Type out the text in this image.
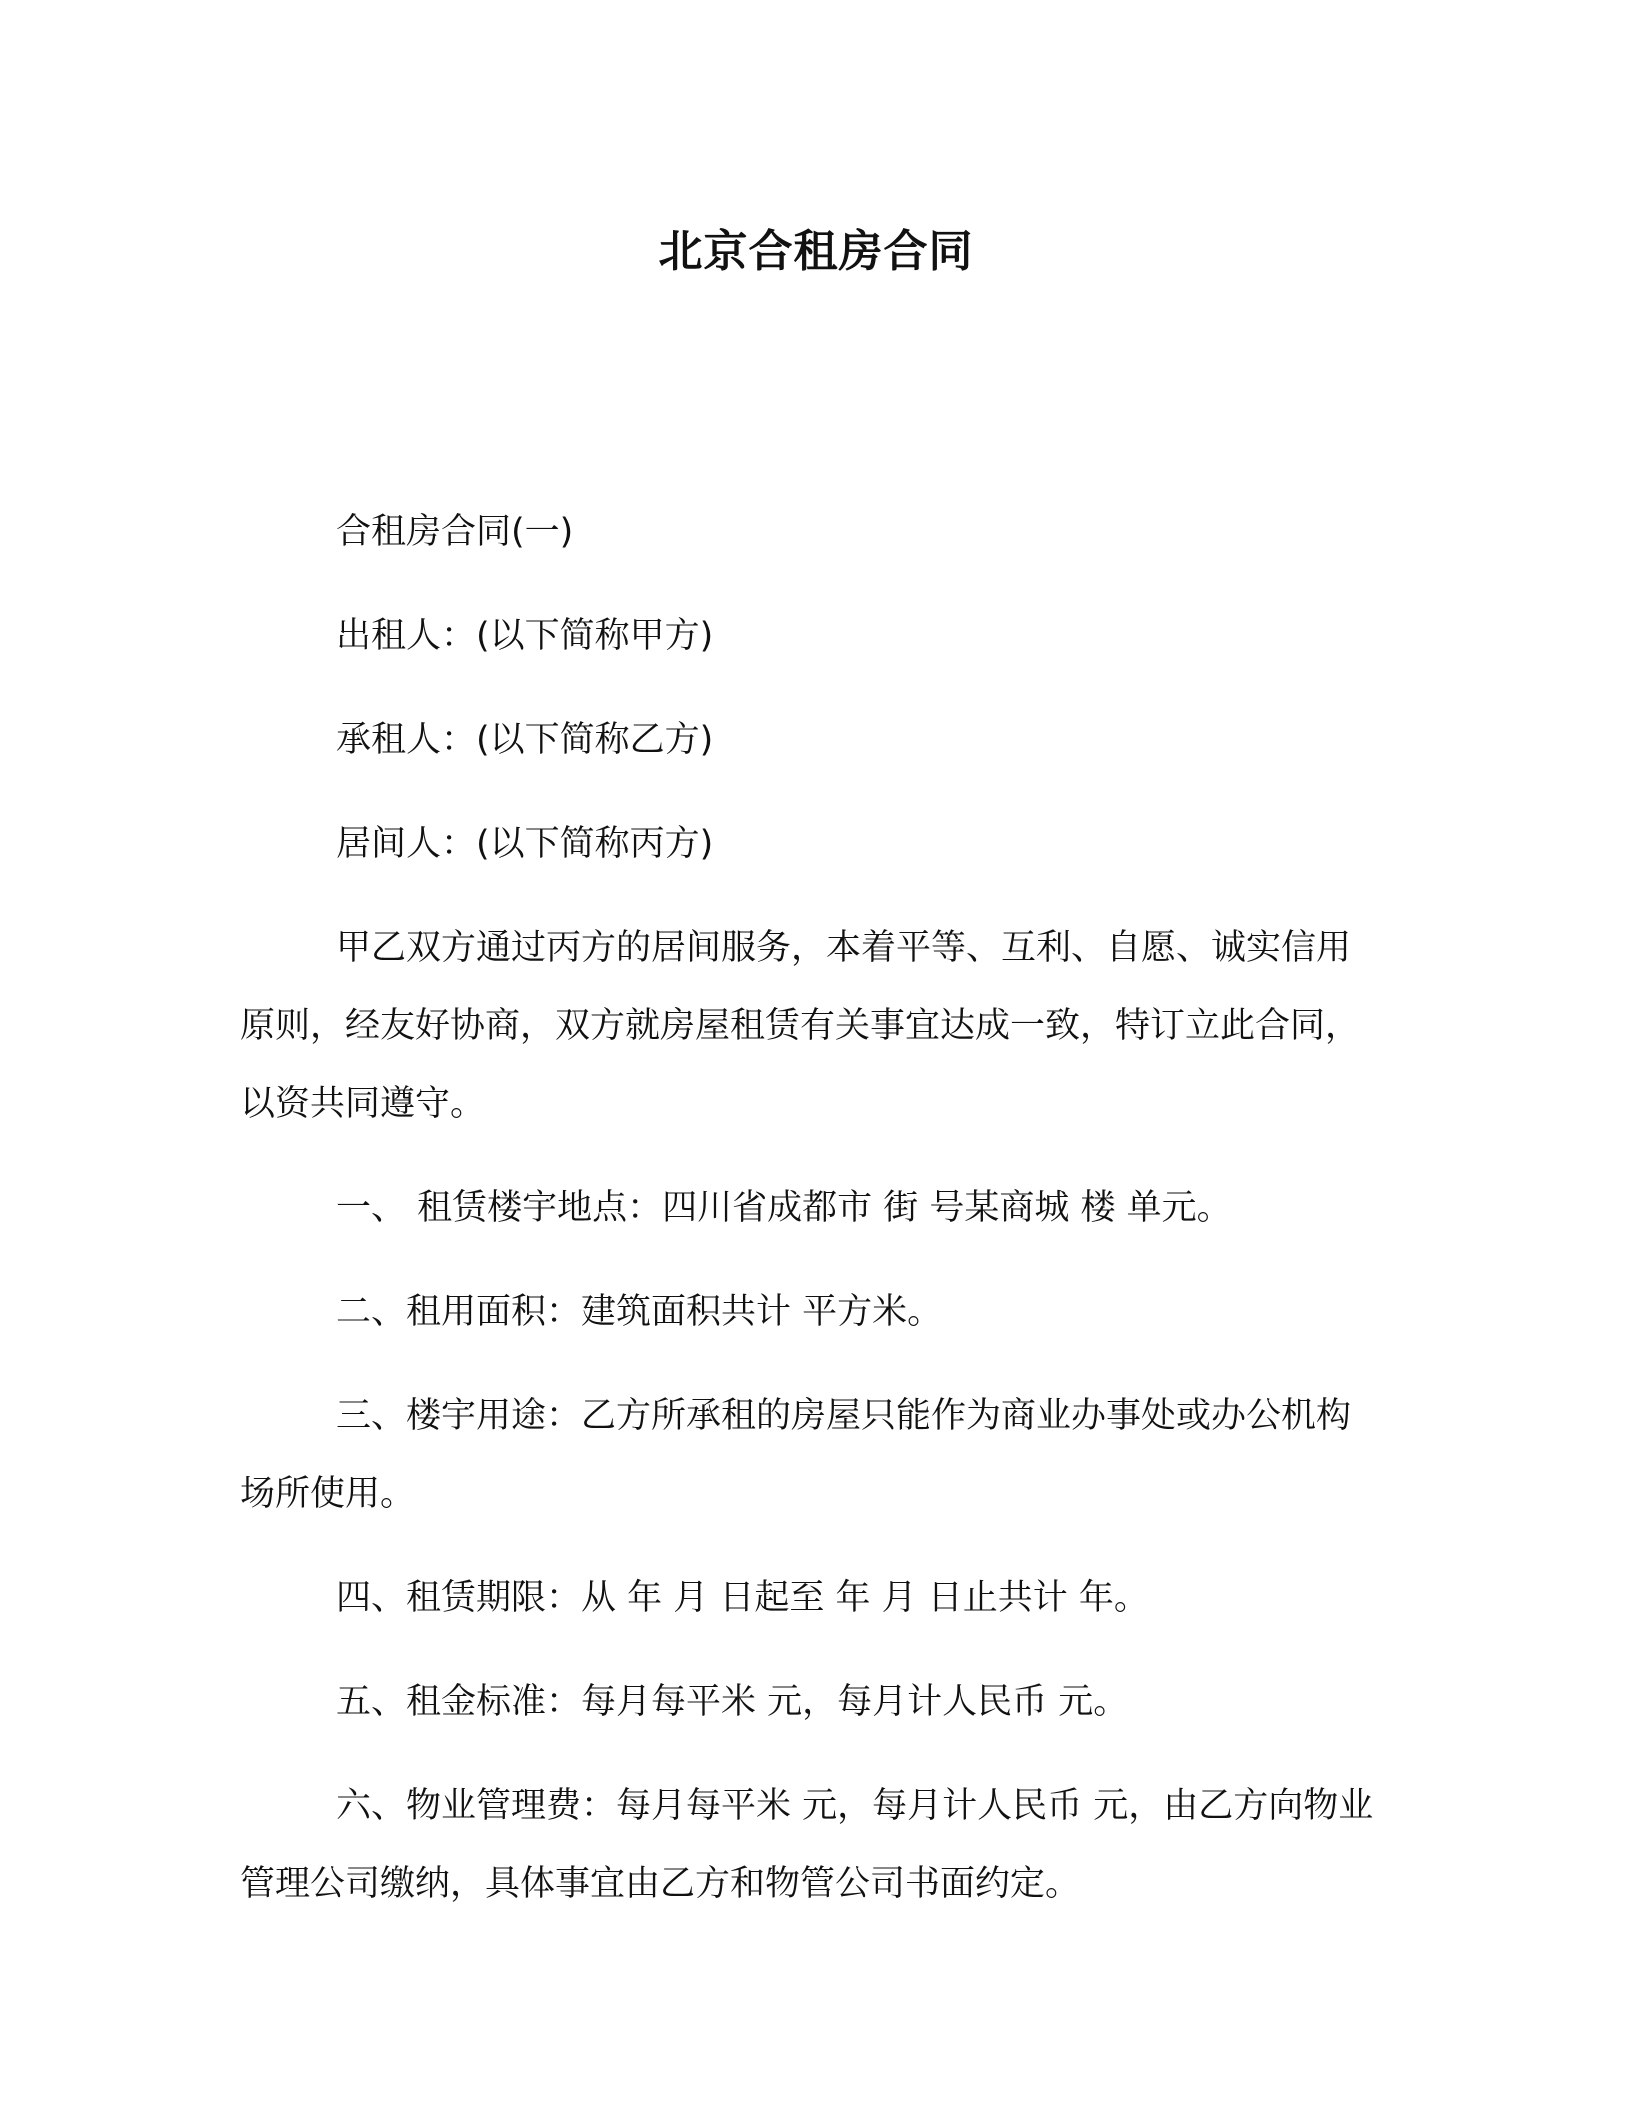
北京合租房合同

合租房合同(一)

出租人：(以下简称甲方)

承租人：(以下简称乙方)

居间人：(以下简称丙方)

甲乙双方通过丙方的居间服务，本着平等、互利、自愿、诚实信用原则，经友好协商，双方就房屋租赁有关事宜达成一致，特订立此合同，以资共同遵守。

一、 租赁楼宇地点：四川省成都市 街 号某商城 楼 单元。

二、租用面积：建筑面积共计 平方米。

三、楼宇用途：乙方所承租的房屋只能作为商业办事处或办公机构场所使用。

四、租赁期限：从 年 月 日起至 年 月 日止共计 年。

五、租金标准：每月每平米 元，每月计人民币 元。

六、物业管理费：每月每平米 元，每月计人民币 元，由乙方向物业管理公司缴纳，具体事宜由乙方和物管公司书面约定。
